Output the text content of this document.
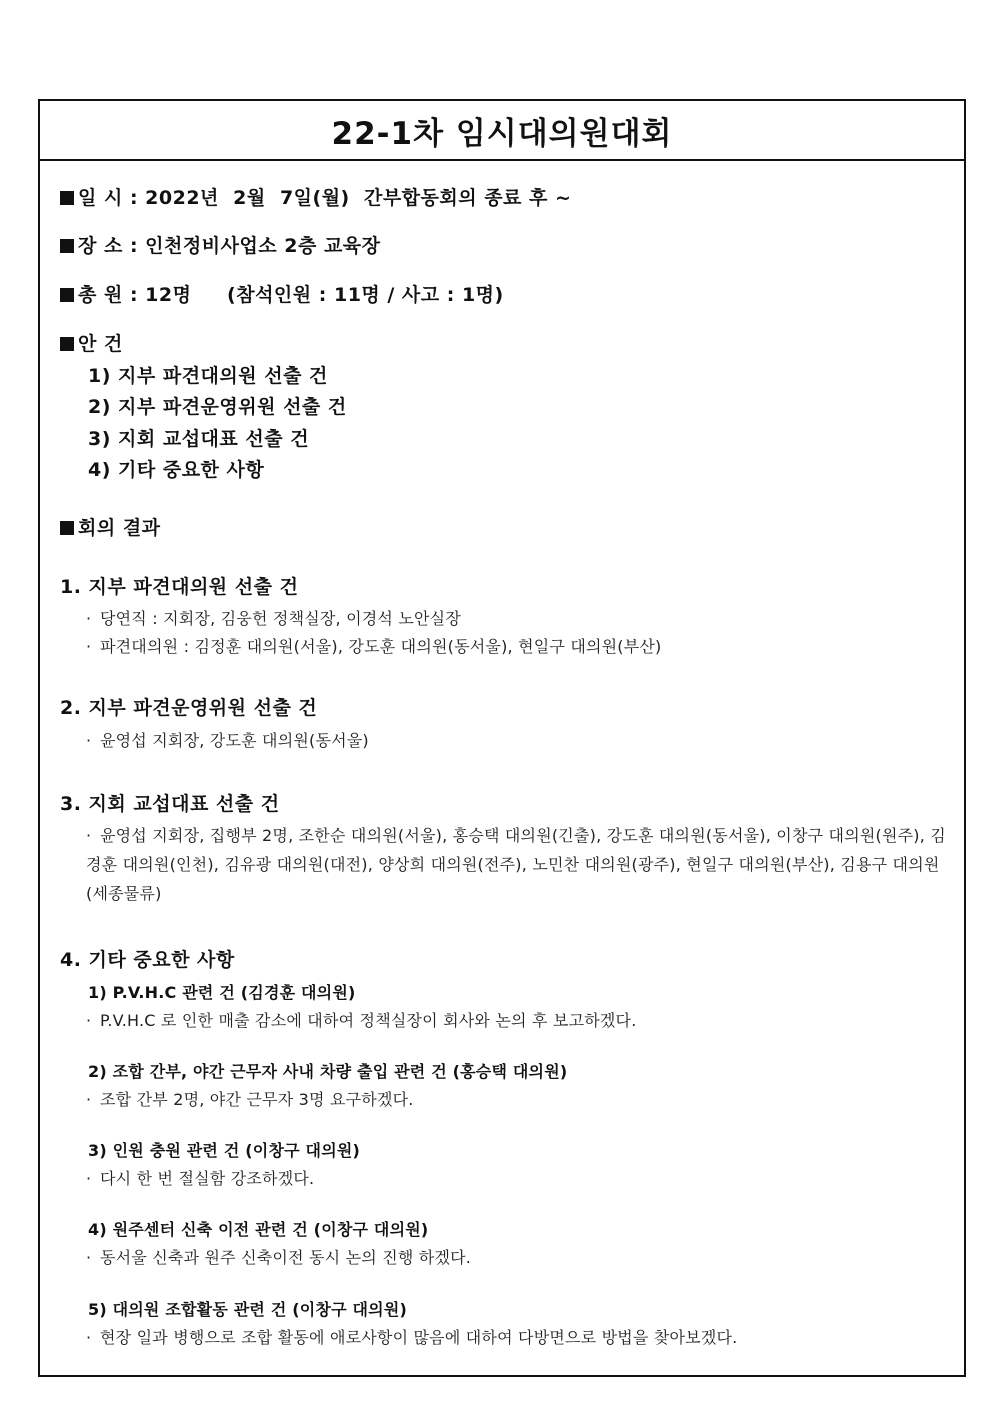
22-1차 임시대의원대회
일 시 : 2022년  2월  7일(월)  간부합동회의 종료 후 ~
장 소 : 인천정비사업소 2층 교육장
총 원 : 12명     (참석인원 : 11명 / 사고 : 1명)
안 건
1) 지부 파견대의원 선출 건
2) 지부 파견운영위원 선출 건
3) 지회 교섭대표 선출 건
4) 기타 중요한 사항
회의 결과
1. 지부 파견대의원 선출 건
· 당연직 : 지회장, 김웅헌 정책실장, 이경석 노안실장
· 파견대의원 : 김정훈 대의원(서울), 강도훈 대의원(동서울), 현일구 대의원(부산)
2. 지부 파견운영위원 선출 건
· 윤영섭 지회장, 강도훈 대의원(동서울)
3. 지회 교섭대표 선출 건
· 윤영섭 지회장, 집행부 2명, 조한순 대의원(서울), 홍승택 대의원(긴출), 강도훈 대의원(동서울), 이창구 대의원(원주), 김경훈 대의원(인천), 김유광 대의원(대전), 양상희 대의원(전주), 노민찬 대의원(광주), 현일구 대의원(부산), 김용구 대의원(세종물류)
4. 기타 중요한 사항
1) P.V.H.C 관련 건 (김경훈 대의원)
· P.V.H.C 로 인한 매출 감소에 대하여 정책실장이 회사와 논의 후 보고하겠다.
2) 조합 간부, 야간 근무자 사내 차량 출입 관련 건 (홍승택 대의원)
· 조합 간부 2명, 야간 근무자 3명 요구하겠다.
3) 인원 충원 관련 건 (이창구 대의원)
· 다시 한 번 절실함 강조하겠다.
4) 원주센터 신축 이전 관련 건 (이창구 대의원)
· 동서울 신축과 원주 신축이전 동시 논의 진행 하겠다.
5) 대의원 조합활동 관련 건 (이창구 대의원)
· 현장 일과 병행으로 조합 활동에 애로사항이 많음에 대하여 다방면으로 방법을 찾아보겠다.
